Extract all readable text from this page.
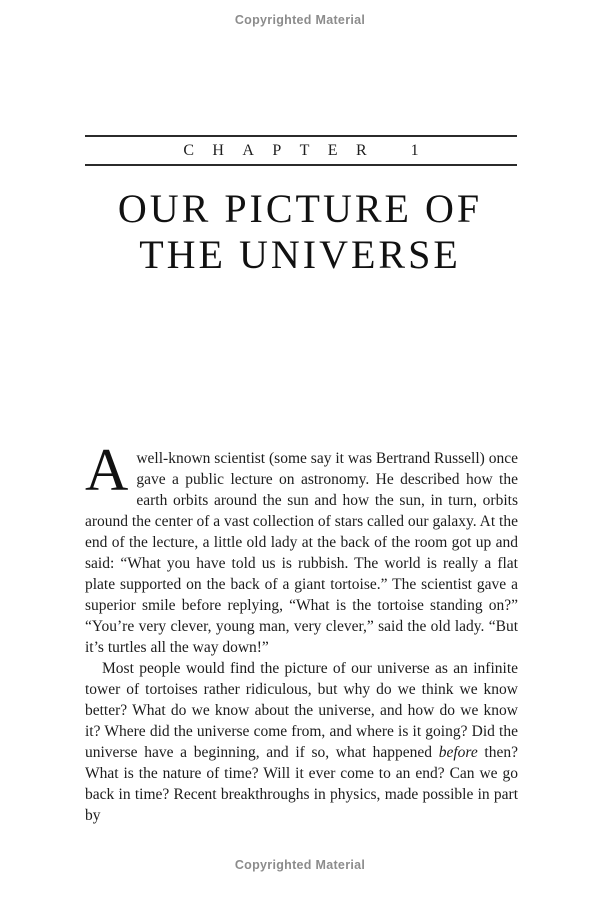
Copyrighted Material
CHAPTER 1
OUR PICTURE OF
THE UNIVERSE

Awell-known scientist (some say it was Bertrand Russell) once gave a public lecture on astronomy. He described how the earth orbits around the sun and how the sun, in turn, orbits around the center of a vast collection of stars called our galaxy. At the end of the lecture, a little old lady at the back of the room got up and said: “What you have told us is rubbish. The world is really a flat plate supported on the back of a giant tortoise.” The scientist gave a superior smile before replying, “What is the tortoise standing on?” “You’re very clever, young man, very clever,” said the old lady. “But it’s turtles all the way down!”

Most people would find the picture of our universe as an infinite tower of tortoises rather ridiculous, but why do we think we know better? What do we know about the universe, and how do we know it? Where did the universe come from, and where is it going? Did the universe have a beginning, and if so, what happened before then? What is the nature of time? Will it ever come to an end? Can we go back in time? Recent breakthroughs in physics, made possible in part by

Copyrighted Material
